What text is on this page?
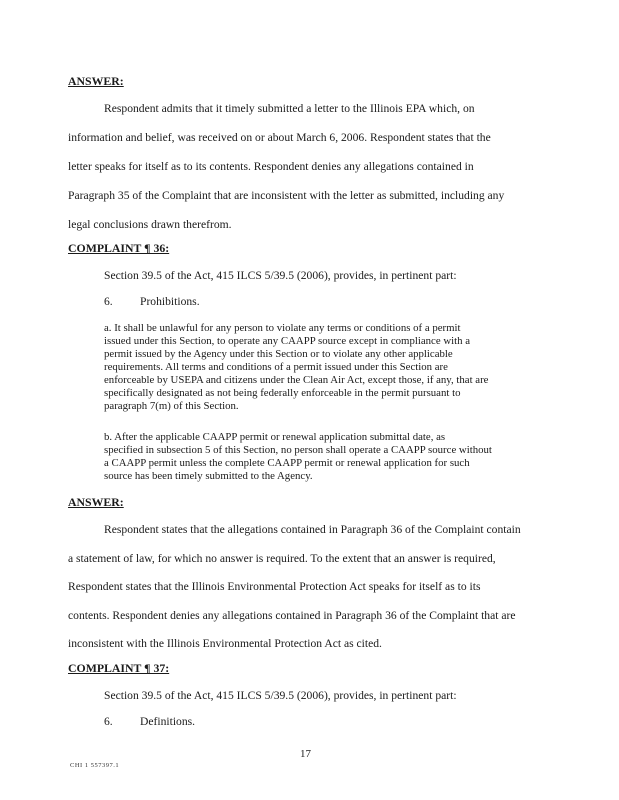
ANSWER:
Respondent admits that it timely submitted a letter to the Illinois EPA which, on
information and belief, was received on or about March 6, 2006. Respondent states that the
letter speaks for itself as to its contents. Respondent denies any allegations contained in
Paragraph 35 of the Complaint that are inconsistent with the letter as submitted, including any
legal conclusions drawn therefrom.
COMPLAINT ¶ 36:
Section 39.5 of the Act, 415 ILCS 5/39.5 (2006), provides, in pertinent part:
6. Prohibitions.
a. It shall be unlawful for any person to violate any terms or conditions of a permit
issued under this Section, to operate any CAAPP source except in compliance with a
permit issued by the Agency under this Section or to violate any other applicable
requirements. All terms and conditions of a permit issued under this Section are
enforceable by USEPA and citizens under the Clean Air Act, except those, if any, that are
specifically designated as not being federally enforceable in the permit pursuant to
paragraph 7(m) of this Section.
b. After the applicable CAAPP permit or renewal application submittal date, as
specified in subsection 5 of this Section, no person shall operate a CAAPP source without
a CAAPP permit unless the complete CAAPP permit or renewal application for such
source has been timely submitted to the Agency.
ANSWER:
Respondent states that the allegations contained in Paragraph 36 of the Complaint contain
a statement of law, for which no answer is required. To the extent that an answer is required,
Respondent states that the Illinois Environmental Protection Act speaks for itself as to its
contents. Respondent denies any allegations contained in Paragraph 36 of the Complaint that are
inconsistent with the Illinois Environmental Protection Act as cited.
COMPLAINT ¶ 37:
Section 39.5 of the Act, 415 ILCS 5/39.5 (2006), provides, in pertinent part:
6. Definitions.
17
CHI 1 557397.1
